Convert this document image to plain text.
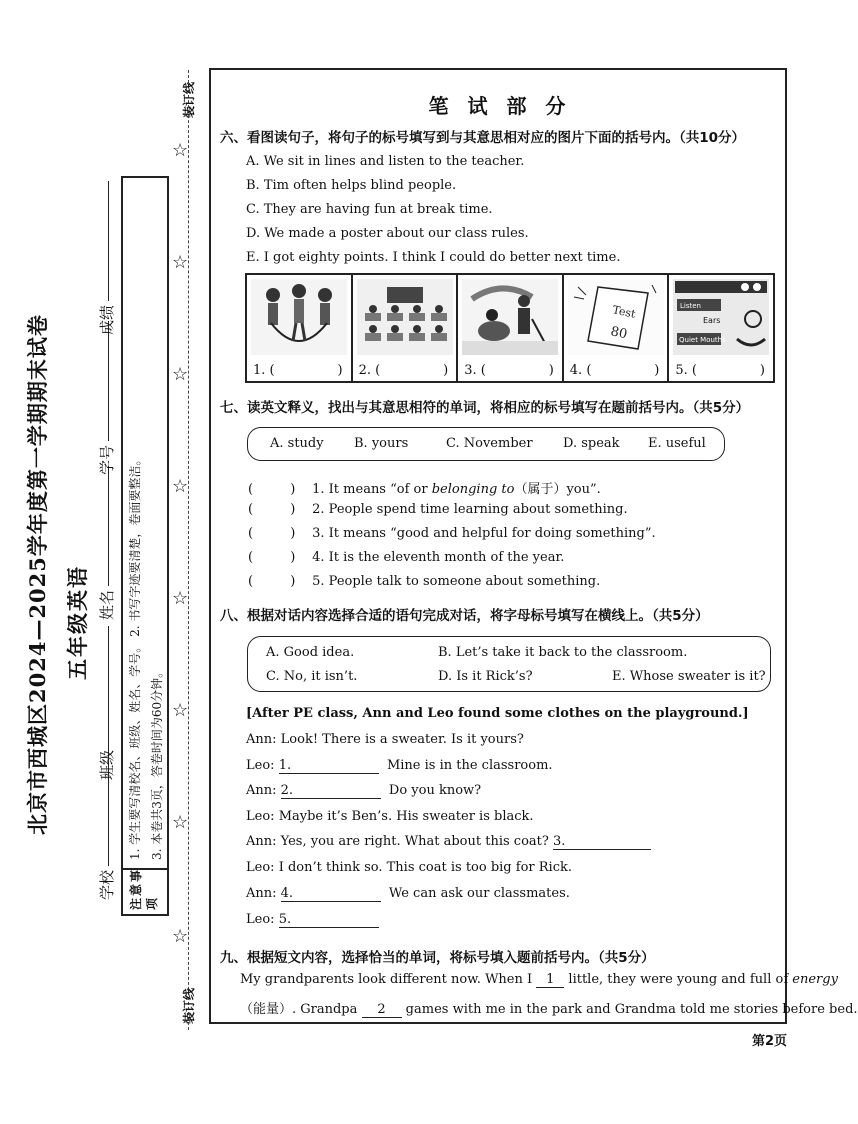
北京市西城区2024—2025学年度第一学期期末试卷 五年级英语
学校
班级
姓名
学号
成绩
注意事项
1. 学生要写清校名、班级、姓名、学号。 2. 书写字迹要清楚，卷面要整洁。 3. 本卷共3页，答卷时间为60分钟。
装订线
装订线
☆
☆
☆
☆
☆
☆
☆
☆
笔 试 部 分
六、看图读句子，将句子的标号填写到与其意思相对应的图片下面的括号内。（共10分）
A. We sit in lines and listen to the teacher.
B. Tim often helps blind people.
C. They are having fun at break time.
D. We made a poster about our class rules.
E. I got eighty points. I think I could do better next time.
1. (	) 2. (	) 3. (	)
Test
80
4. (	)
Listen
Ears
Quiet Mouths
5. (	)
七、读英文释义，找出与其意思相符的单词，将相应的标号填写在题前括号内。（共5分）
A. study B. yours	C. November D. speak E. useful
(	) 1. It means “of or belonging to（属于）you”.
(	) 2. People spend time learning about something.
(	) 3. It means “good and helpful for doing something”.
(	) 4. It is the eleventh month of the year.
(	) 5. People talk to someone about something.
八、根据对话内容选择合适的语句完成对话，将字母标号填写在横线上。（共5分）
A. Good idea.	B. Let’s take it back to the classroom.
C. No, it isn’t.	D. Is it Rick’s?	E. Whose sweater is it?
[After PE class, Ann and Leo found some clothes on the playground.]
Ann: Look! There is a sweater. Is it yours?
Leo: 1.	Mine is in the classroom.
Ann: 2.	Do you know?
Leo: Maybe it’s Ben’s. His sweater is black.
Ann: Yes, you are right. What about this coat? 3.
Leo: I don’t think so. This coat is too big for Rick.
Ann: 4.	We can ask our classmates.
Leo: 5.
九、根据短文内容，选择恰当的单词，将标号填入题前括号内。（共5分）
My grandparents look different now. When I 1 little, they were young and full of energy
（能量）. Grandpa 2 games with me in the park and Grandma told me stories before bed.
第2页
